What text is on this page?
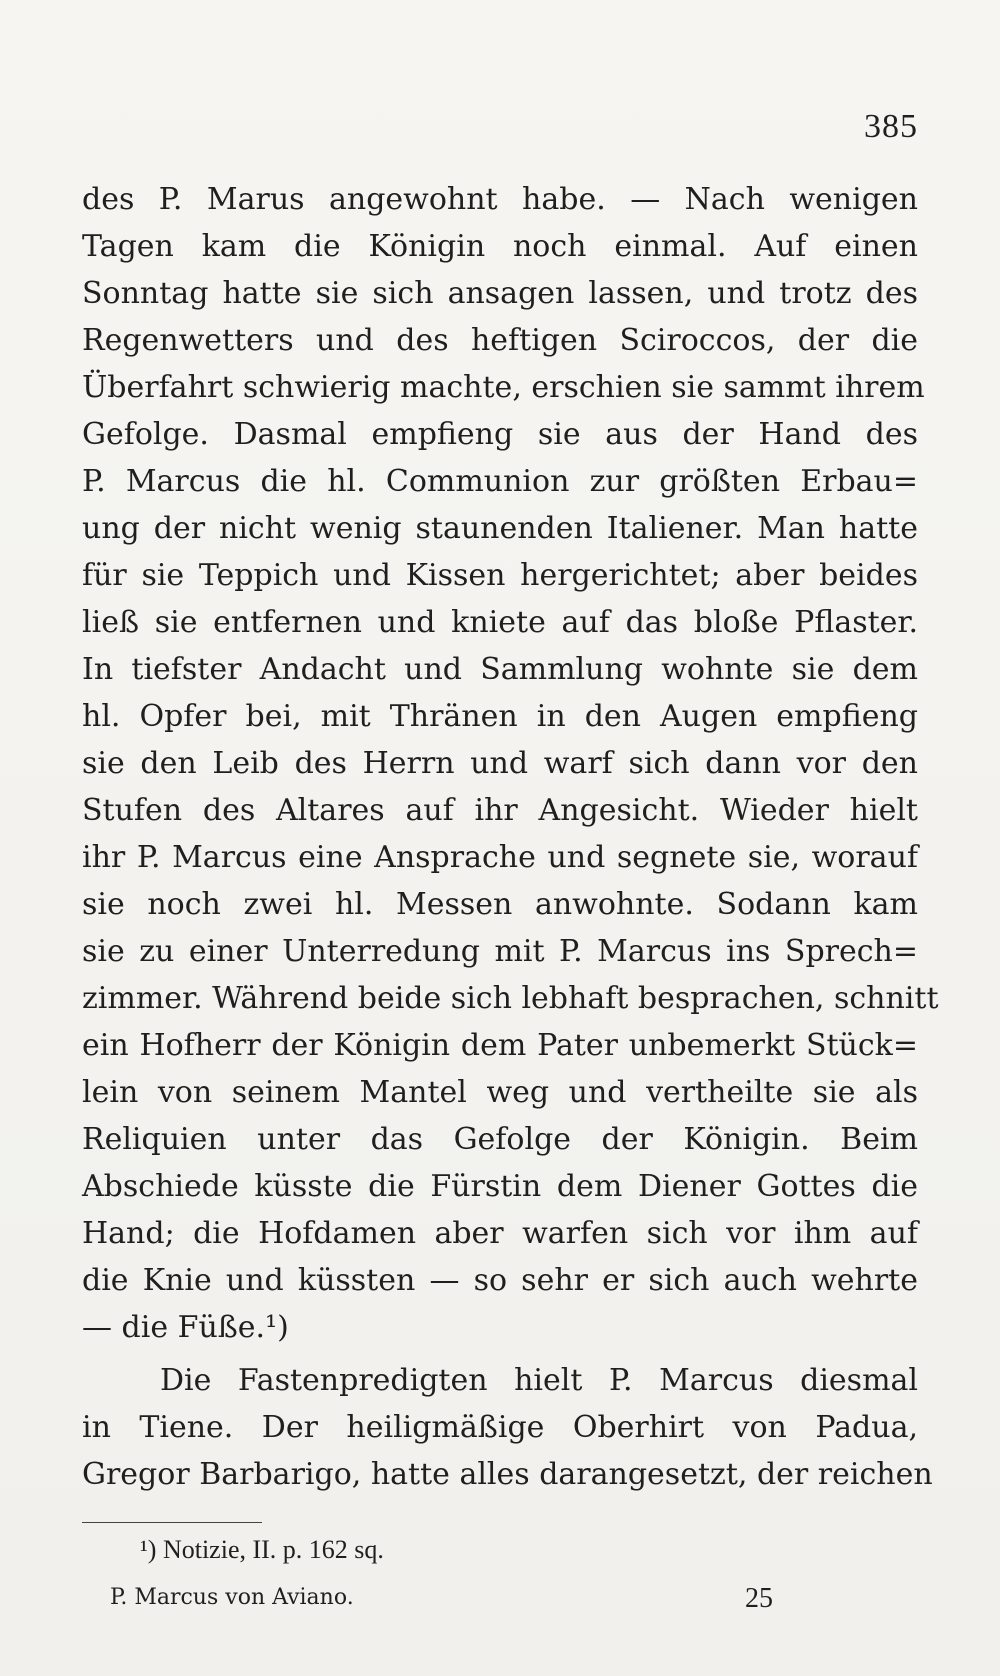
385
des P. Marus angewohnt habe. — Nach wenigen
Tagen kam die Königin noch einmal. Auf einen
Sonntag hatte sie sich ansagen lassen, und trotz des
Regenwetters und des heftigen Sciroccos, der die
Überfahrt schwierig machte, erschien sie sammt ihrem
Gefolge. Dasmal empfieng sie aus der Hand des
P. Marcus die hl. Communion zur größten Erbau=
ung der nicht wenig staunenden Italiener. Man hatte
für sie Teppich und Kissen hergerichtet; aber beides
ließ sie entfernen und kniete auf das bloße Pflaster.
In tiefster Andacht und Sammlung wohnte sie dem
hl. Opfer bei, mit Thränen in den Augen empfieng
sie den Leib des Herrn und warf sich dann vor den
Stufen des Altares auf ihr Angesicht. Wieder hielt
ihr P. Marcus eine Ansprache und segnete sie, worauf
sie noch zwei hl. Messen anwohnte. Sodann kam
sie zu einer Unterredung mit P. Marcus ins Sprech=
zimmer. Während beide sich lebhaft besprachen, schnitt
ein Hofherr der Königin dem Pater unbemerkt Stück=
lein von seinem Mantel weg und vertheilte sie als
Reliquien unter das Gefolge der Königin. Beim
Abschiede küsste die Fürstin dem Diener Gottes die
Hand; die Hofdamen aber warfen sich vor ihm auf
die Knie und küssten — so sehr er sich auch wehrte
— die Füße.¹)
Die Fastenpredigten hielt P. Marcus diesmal
in Tiene. Der heiligmäßige Oberhirt von Padua,
Gregor Barbarigo, hatte alles darangesetzt, der reichen
¹) Notizie, II. p. 162 sq.
P. Marcus von Aviano.	25
